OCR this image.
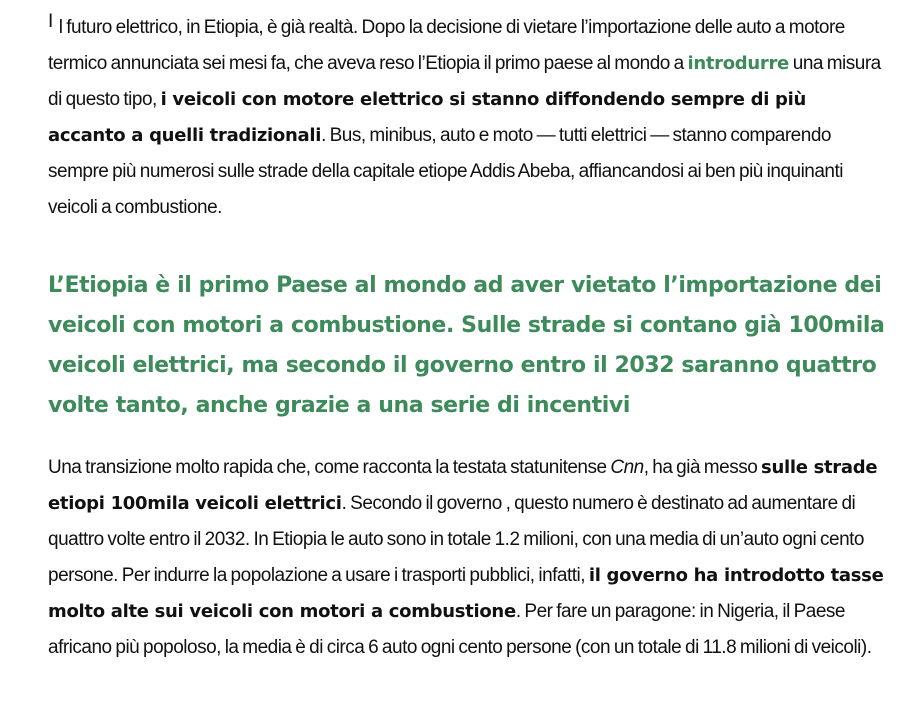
I l futuro elettrico, in Etiopia, è già realtà. Dopo la decisione di vietare l’importazione delle auto a motore termico annunciata sei mesi fa, che aveva reso l’Etiopia il primo paese al mondo a introdurre una misura di questo tipo, i veicoli con motore elettrico si stanno diffondendo sempre di più accanto a quelli tradizionali. Bus, minibus, auto e moto — tutti elettrici — stanno comparendo sempre più numerosi sulle strade della capitale etiope Addis Abeba, affiancandosi ai ben più inquinanti veicoli a combustione.

L’Etiopia è il primo Paese al mondo ad aver vietato l’importazione dei veicoli con motori a combustione. Sulle strade si contano già 100mila veicoli elettrici, ma secondo il governo entro il 2032 saranno quattro volte tanto, anche grazie a una serie di incentivi

Una transizione molto rapida che, come racconta la testata statunitense Cnn, ha già messo sulle strade etiopi 100mila veicoli elettrici. Secondo il governo , questo numero è destinato ad aumentare di quattro volte entro il 2032. In Etiopia le auto sono in totale 1.2 milioni, con una media di un’auto ogni cento persone. Per indurre la popolazione a usare i trasporti pubblici, infatti, il governo ha introdotto tasse molto alte sui veicoli con motori a combustione. Per fare un paragone: in Nigeria, il Paese africano più popoloso, la media è di circa 6 auto ogni cento persone (con un totale di 11.8 milioni di veicoli).
